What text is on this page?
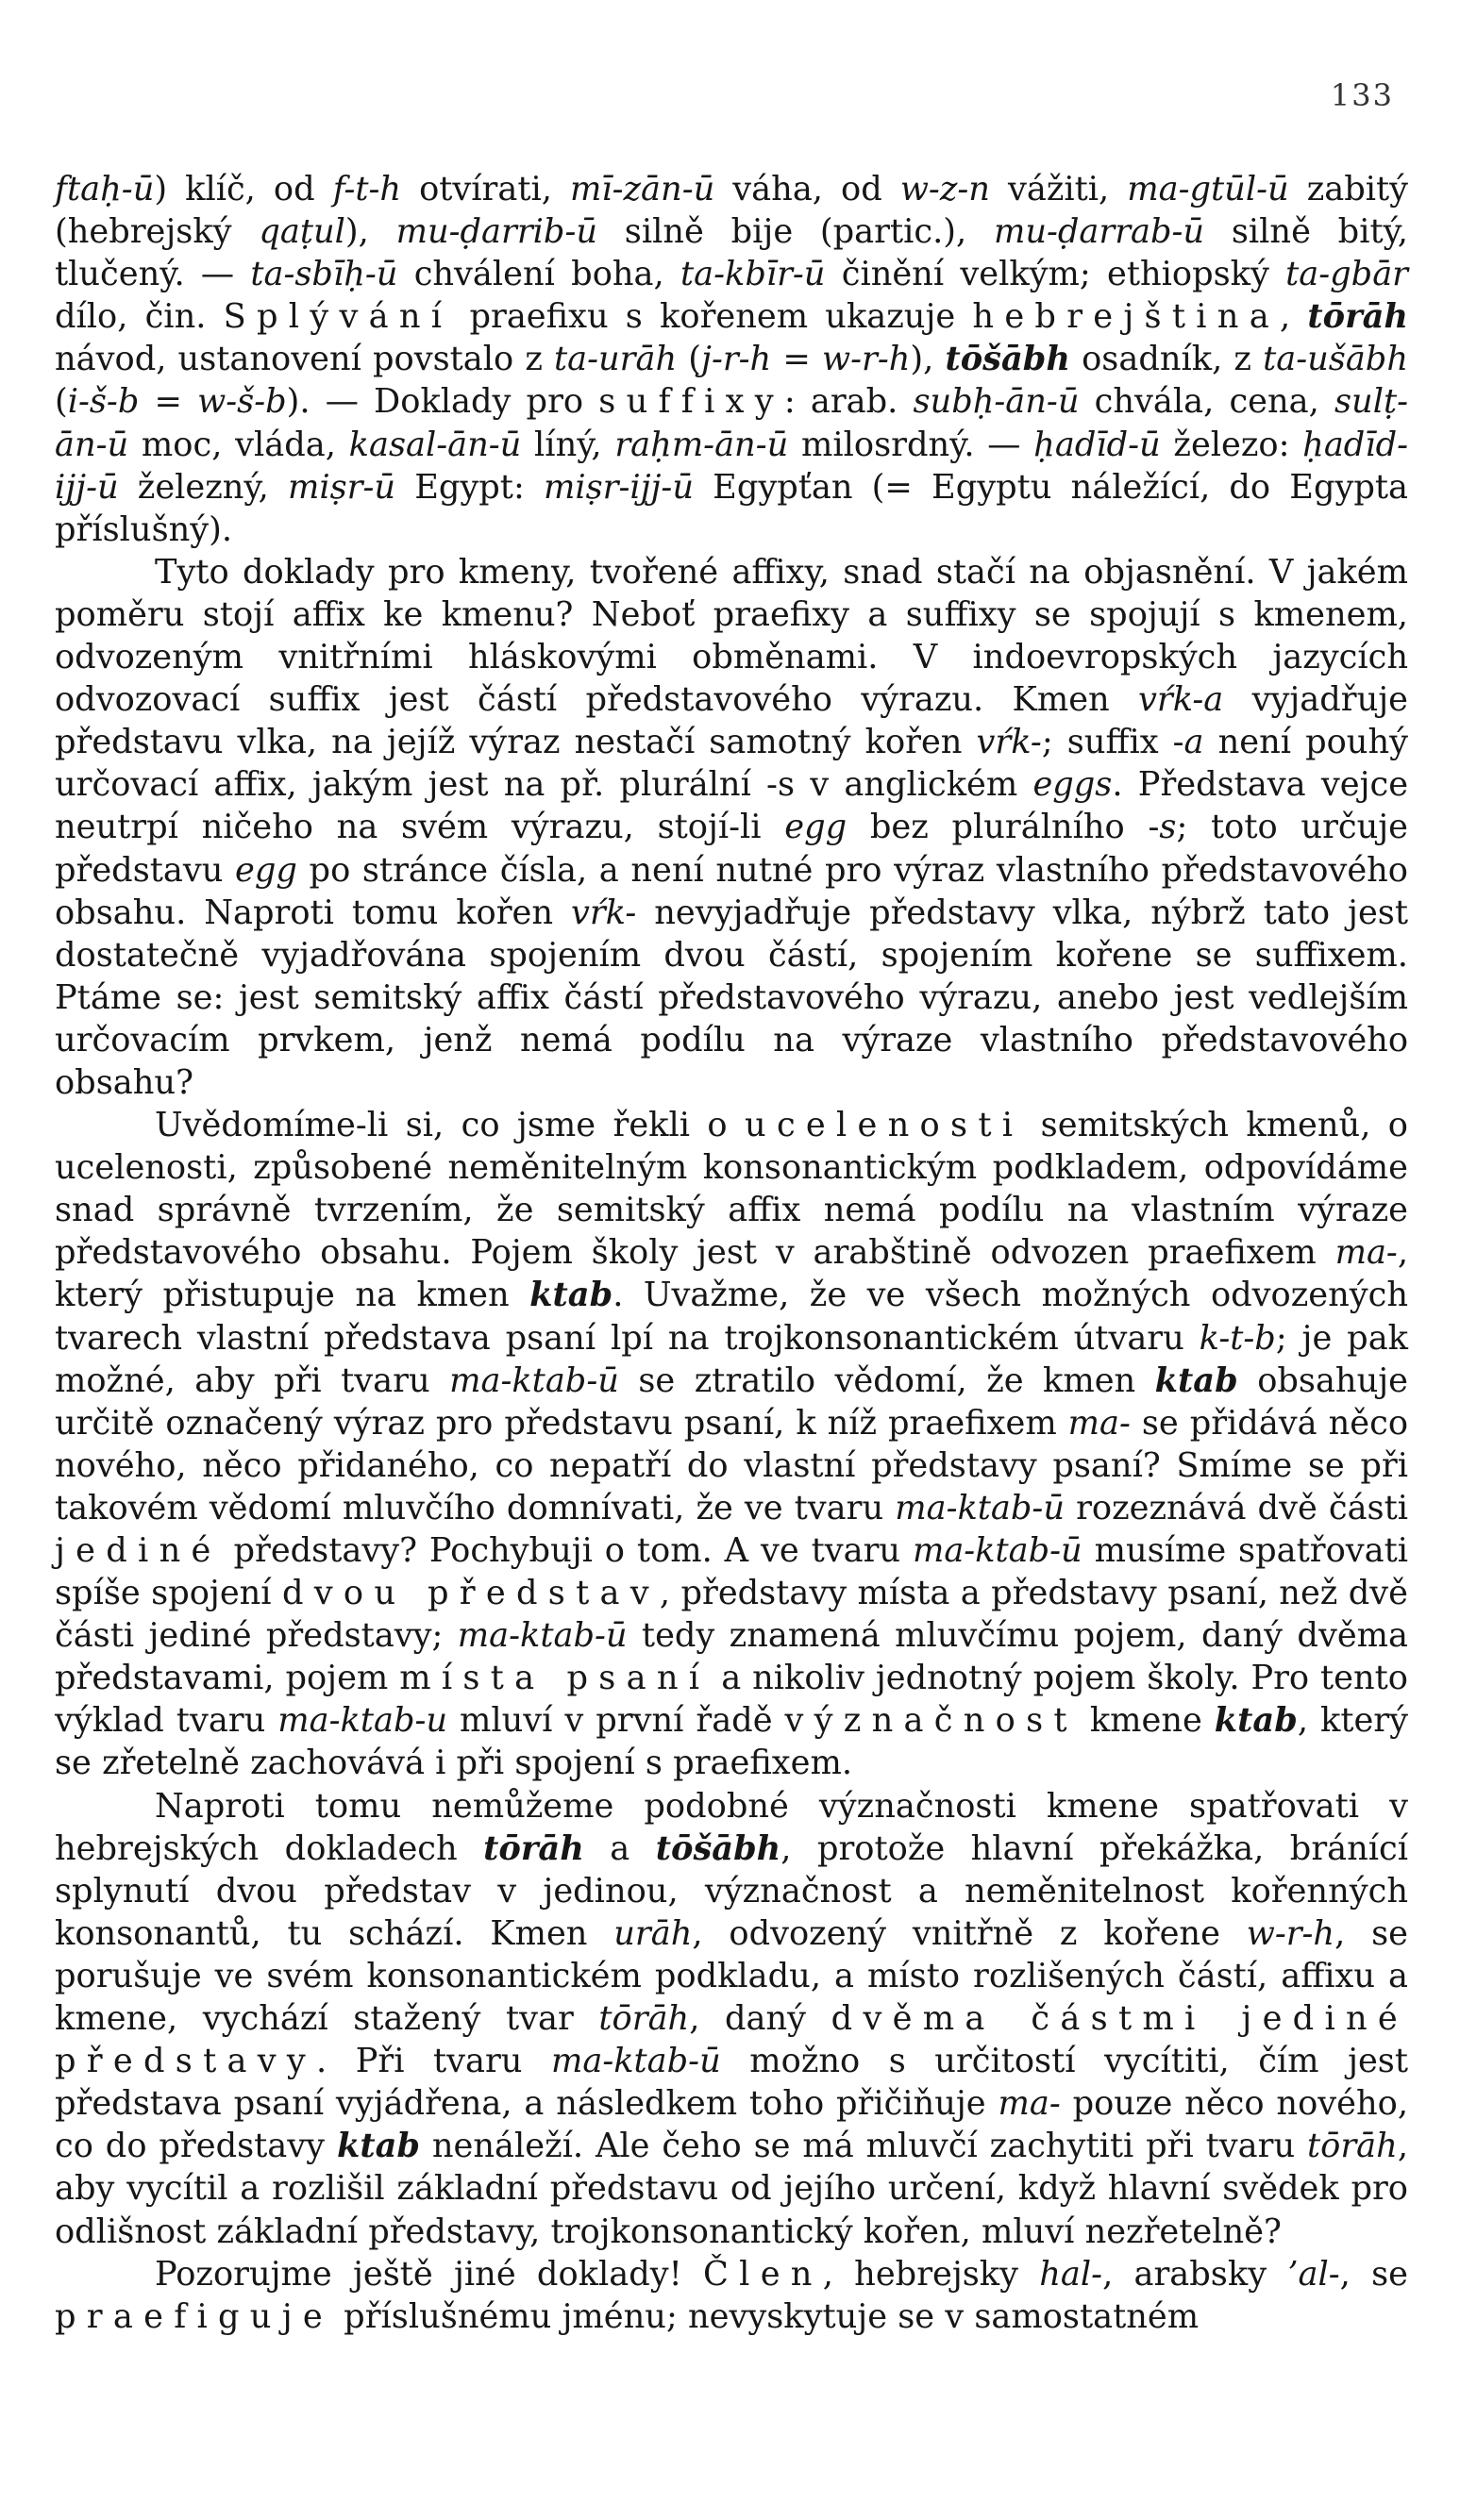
133

ftaḥ-ū) klíč, od f-t-h otvírati, mī-zān-ū váha, od w-z-n vážiti, ma-gtūl-ū zabitý (hebrejský qaṭul), mu-ḍarrib-ū silně bije (partic.), mu-ḍarrab-ū silně bitý, tlučený. — ta-sbīḥ-ū chválení boha, ta-kbīr-ū činění velkým; ethiopský ta-gbār dílo, čin. Splývání praefixu s kořenem ukazuje hebrejština, tōrāh návod, ustanovení povstalo z ta-urāh (j-r-h = w-r-h), tōšābh osadník, z ta-ušābh (i-š-b = w-š-b). — Doklady pro suffixy: arab. subḥ-ān-ū chvála, cena, sulṭ-ān-ū moc, vláda, kasal-ān-ū líný, raḥm-ān-ū milosrdný. — ḥadīd-ū železo: ḥadīd-ijj-ū železný, miṣr-ū Egypt: miṣr-ijj-ū Egypťan (= Egyptu náležící, do Egypta příslušný).

Tyto doklady pro kmeny, tvořené affixy, snad stačí na objasnění. V jakém poměru stojí affix ke kmenu? Neboť praefixy a suffixy se spojují s kmenem, odvozeným vnitřními hláskovými obměnami. V indoevropských jazycích odvozovací suffix jest částí představového výrazu. Kmen vŕk-a vyjadřuje představu vlka, na jejíž výraz nestačí samotný kořen vŕk-; suffix -a není pouhý určovací affix, jakým jest na př. plurální -s v anglickém eggs. Představa vejce neutrpí ničeho na svém výrazu, stojí-li egg bez plurálního -s; toto určuje představu egg po stránce čísla, a není nutné pro výraz vlastního představového obsahu. Naproti tomu kořen vŕk- nevyjadřuje představy vlka, nýbrž tato jest dostatečně vyjadřována spojením dvou částí, spojením kořene se suffixem. Ptáme se: jest semitský affix částí představového výrazu, anebo jest vedlejším určovacím prvkem, jenž nemá podílu na výraze vlastního představového obsahu?

Uvědomíme-li si, co jsme řekli o ucelenosti semitských kmenů, o ucelenosti, způsobené neměnitelným konsonantickým podkladem, odpovídáme snad správně tvrzením, že semitský affix nemá podílu na vlastním výraze představového obsahu. Pojem školy jest v arabštině odvozen praefixem ma-, který přistupuje na kmen ktab. Uvažme, že ve všech možných odvozených tvarech vlastní představa psaní lpí na trojkonsonantickém útvaru k-t-b; je pak možné, aby při tvaru ma-ktab-ū se ztratilo vědomí, že kmen ktab obsahuje určitě označený výraz pro představu psaní, k níž praefixem ma- se přidává něco nového, něco přidaného, co nepatří do vlastní představy psaní? Smíme se při takovém vědomí mluvčího domnívati, že ve tvaru ma-ktab-ū rozeznává dvě části jediné představy? Pochybuji o tom. A ve tvaru ma-ktab-ū musíme spatřovati spíše spojení dvou představ, představy místa a představy psaní, než dvě části jediné představy; ma-ktab-ū tedy znamená mluvčímu pojem, daný dvěma představami, pojem místa psaní a nikoliv jednotný pojem školy. Pro tento výklad tvaru ma-ktab-u mluví v první řadě význačnost kmene ktab, který se zřetelně zachovává i při spojení s praefixem.

Naproti tomu nemůžeme podobné význačnosti kmene spatřovati v hebrejských dokladech tōrāh a tōšābh, protože hlavní překážka, bránící splynutí dvou představ v jedinou, význačnost a neměnitelnost kořenných konsonantů, tu schází. Kmen urāh, odvozený vnitřně z kořene w-r-h, se porušuje ve svém konsonantickém podkladu, a místo rozlišených částí, affixu a kmene, vychází stažený tvar tōrāh, daný dvěma částmi jediné představy. Při tvaru ma-ktab-ū možno s určitostí vycítiti, čím jest představa psaní vyjádřena, a následkem toho přičiňuje ma- pouze něco nového, co do představy ktab nenáleží. Ale čeho se má mluvčí zachytiti při tvaru tōrāh, aby vycítil a rozlišil základní představu od jejího určení, když hlavní svědek pro odlišnost základní představy, trojkonsonantický kořen, mluví nezřetelně?

Pozorujme ještě jiné doklady! Člen, hebrejsky hal-, arabsky ’al-, se praefiguje příslušnému jménu; nevyskytuje se v samostatném
